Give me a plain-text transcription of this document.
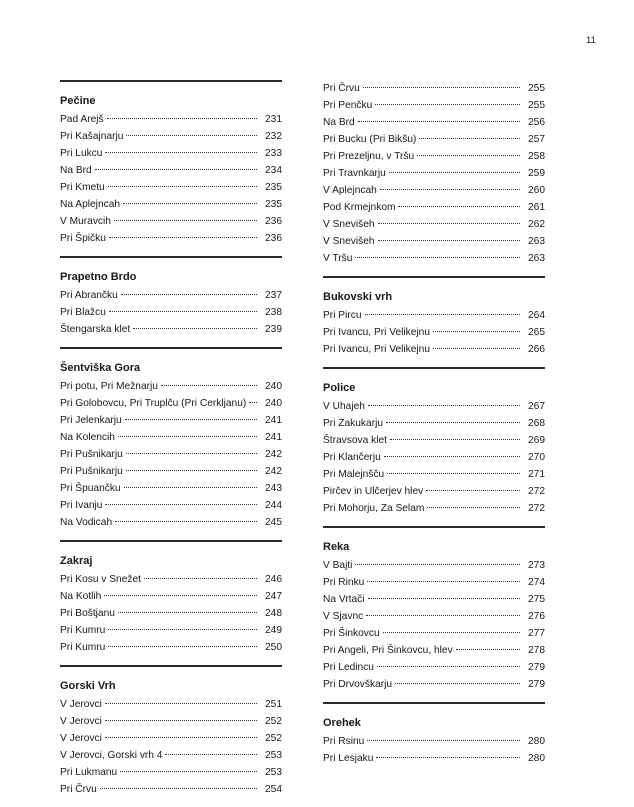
11
Pečine
Pad Arejš	231
Pri Kašajnarju	232
Pri Lukcu	233
Na Brd	234
Pri Kmetu	235
Na Aplejncah	235
V Muravcih	236
Pri Špičku	236
Prapetno Brdo
Pri Abrančku	237
Pri Blažcu	238
Štengarska klet	239
Šentviška Gora
Pri potu, Pri Mežnarju	240
Pri Golobovcu, Pri Truplču (Pri Cerkljanu)	240
Pri Jelenkarju	241
Na Kolencih	241
Pri Pušnikarju	242
Pri Pušnikarju	242
Pri Špuančku	243
Pri Ivanju	244
Na Vodicah	245
Zakraj
Pri Kosu v Snežet	246
Na Kotlih	247
Pri Boštjanu	248
Pri Kumru	249
Pri Kumru	250
Gorski Vrh
V Jerovci	251
V Jerovci	252
V Jerovci	252
V Jerovci, Gorski vrh 4	253
Pri Lukmanu	253
Pri Črvu	254
Pri Črvu	255
Pri Penčku	255
Na Brd	256
Pri Bucku (Pri Bikšu)	257
Pri Prezeljnu, v Tršu	258
Pri Travnkarju	259
V Aplejncah	260
Pod Krmejnkom	261
V Snevišeh	262
V Snevišeh	263
V Tršu	263
Bukovski vrh
Pri Pircu	264
Pri Ivancu, Pri Velikejnu	265
Pri Ivancu, Pri Velikejnu	266
Police
V Uhajeh	267
Pri Zakukarju	268
Štravsova klet	269
Pri Klančerju	270
Pri Malejnšču	271
Pirčev in Ulčerjev hlev	272
Pri Mohorju, Za Selam	272
Reka
V Bajti	273
Pri Rinku	274
Na Vrtači	275
V Sjavnc	276
Pri Šinkovcu	277
Pri Angeli, Pri Šinkovcu, hlev	278
Pri Ledincu	279
Pri Drvovškarju	279
Orehek
Pri Rsinu	280
Pri Lesjaku	280
